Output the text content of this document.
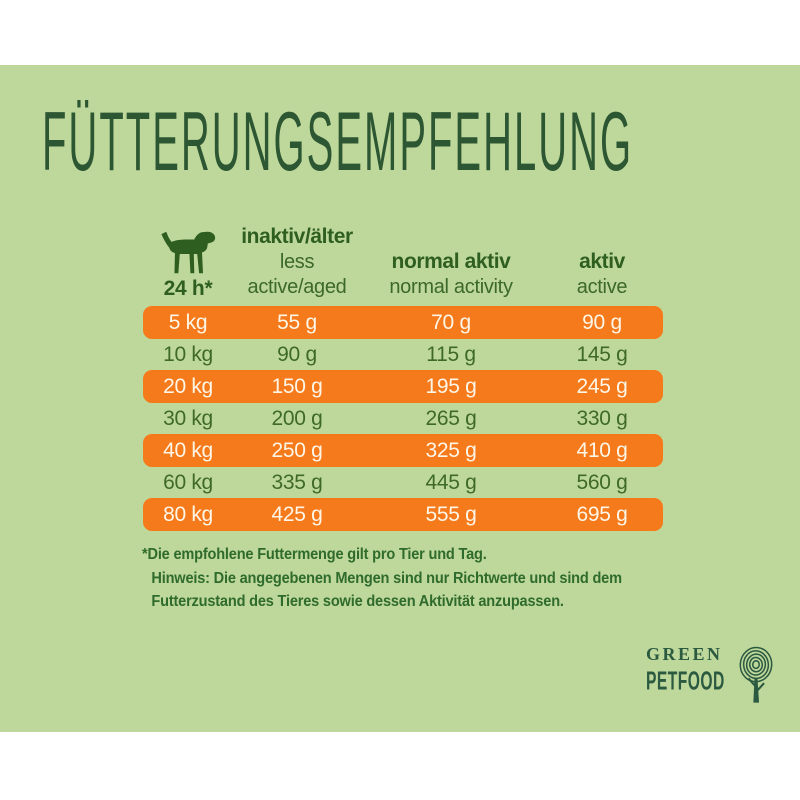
FÜTTERUNGSEMPFEHLUNG
24 h*
inaktiv/älter
less active/aged
normal aktiv
normal activity
aktiv
active
5 kg	55 g	70 g	90 g
10 kg	90 g	115 g	145 g
20 kg	150 g	195 g	245 g
30 kg	200 g	265 g	330 g
40 kg	250 g	325 g	410 g
60 kg	335 g	445 g	560 g
80 kg	425 g	555 g	695 g
*Die empfohlene Futtermenge gilt pro Tier und Tag.
Hinweis: Die angegebenen Mengen sind nur Richtwerte und sind dem
Futterzustand des Tieres sowie dessen Aktivität anzupassen.
GREEN
PETFOOD
